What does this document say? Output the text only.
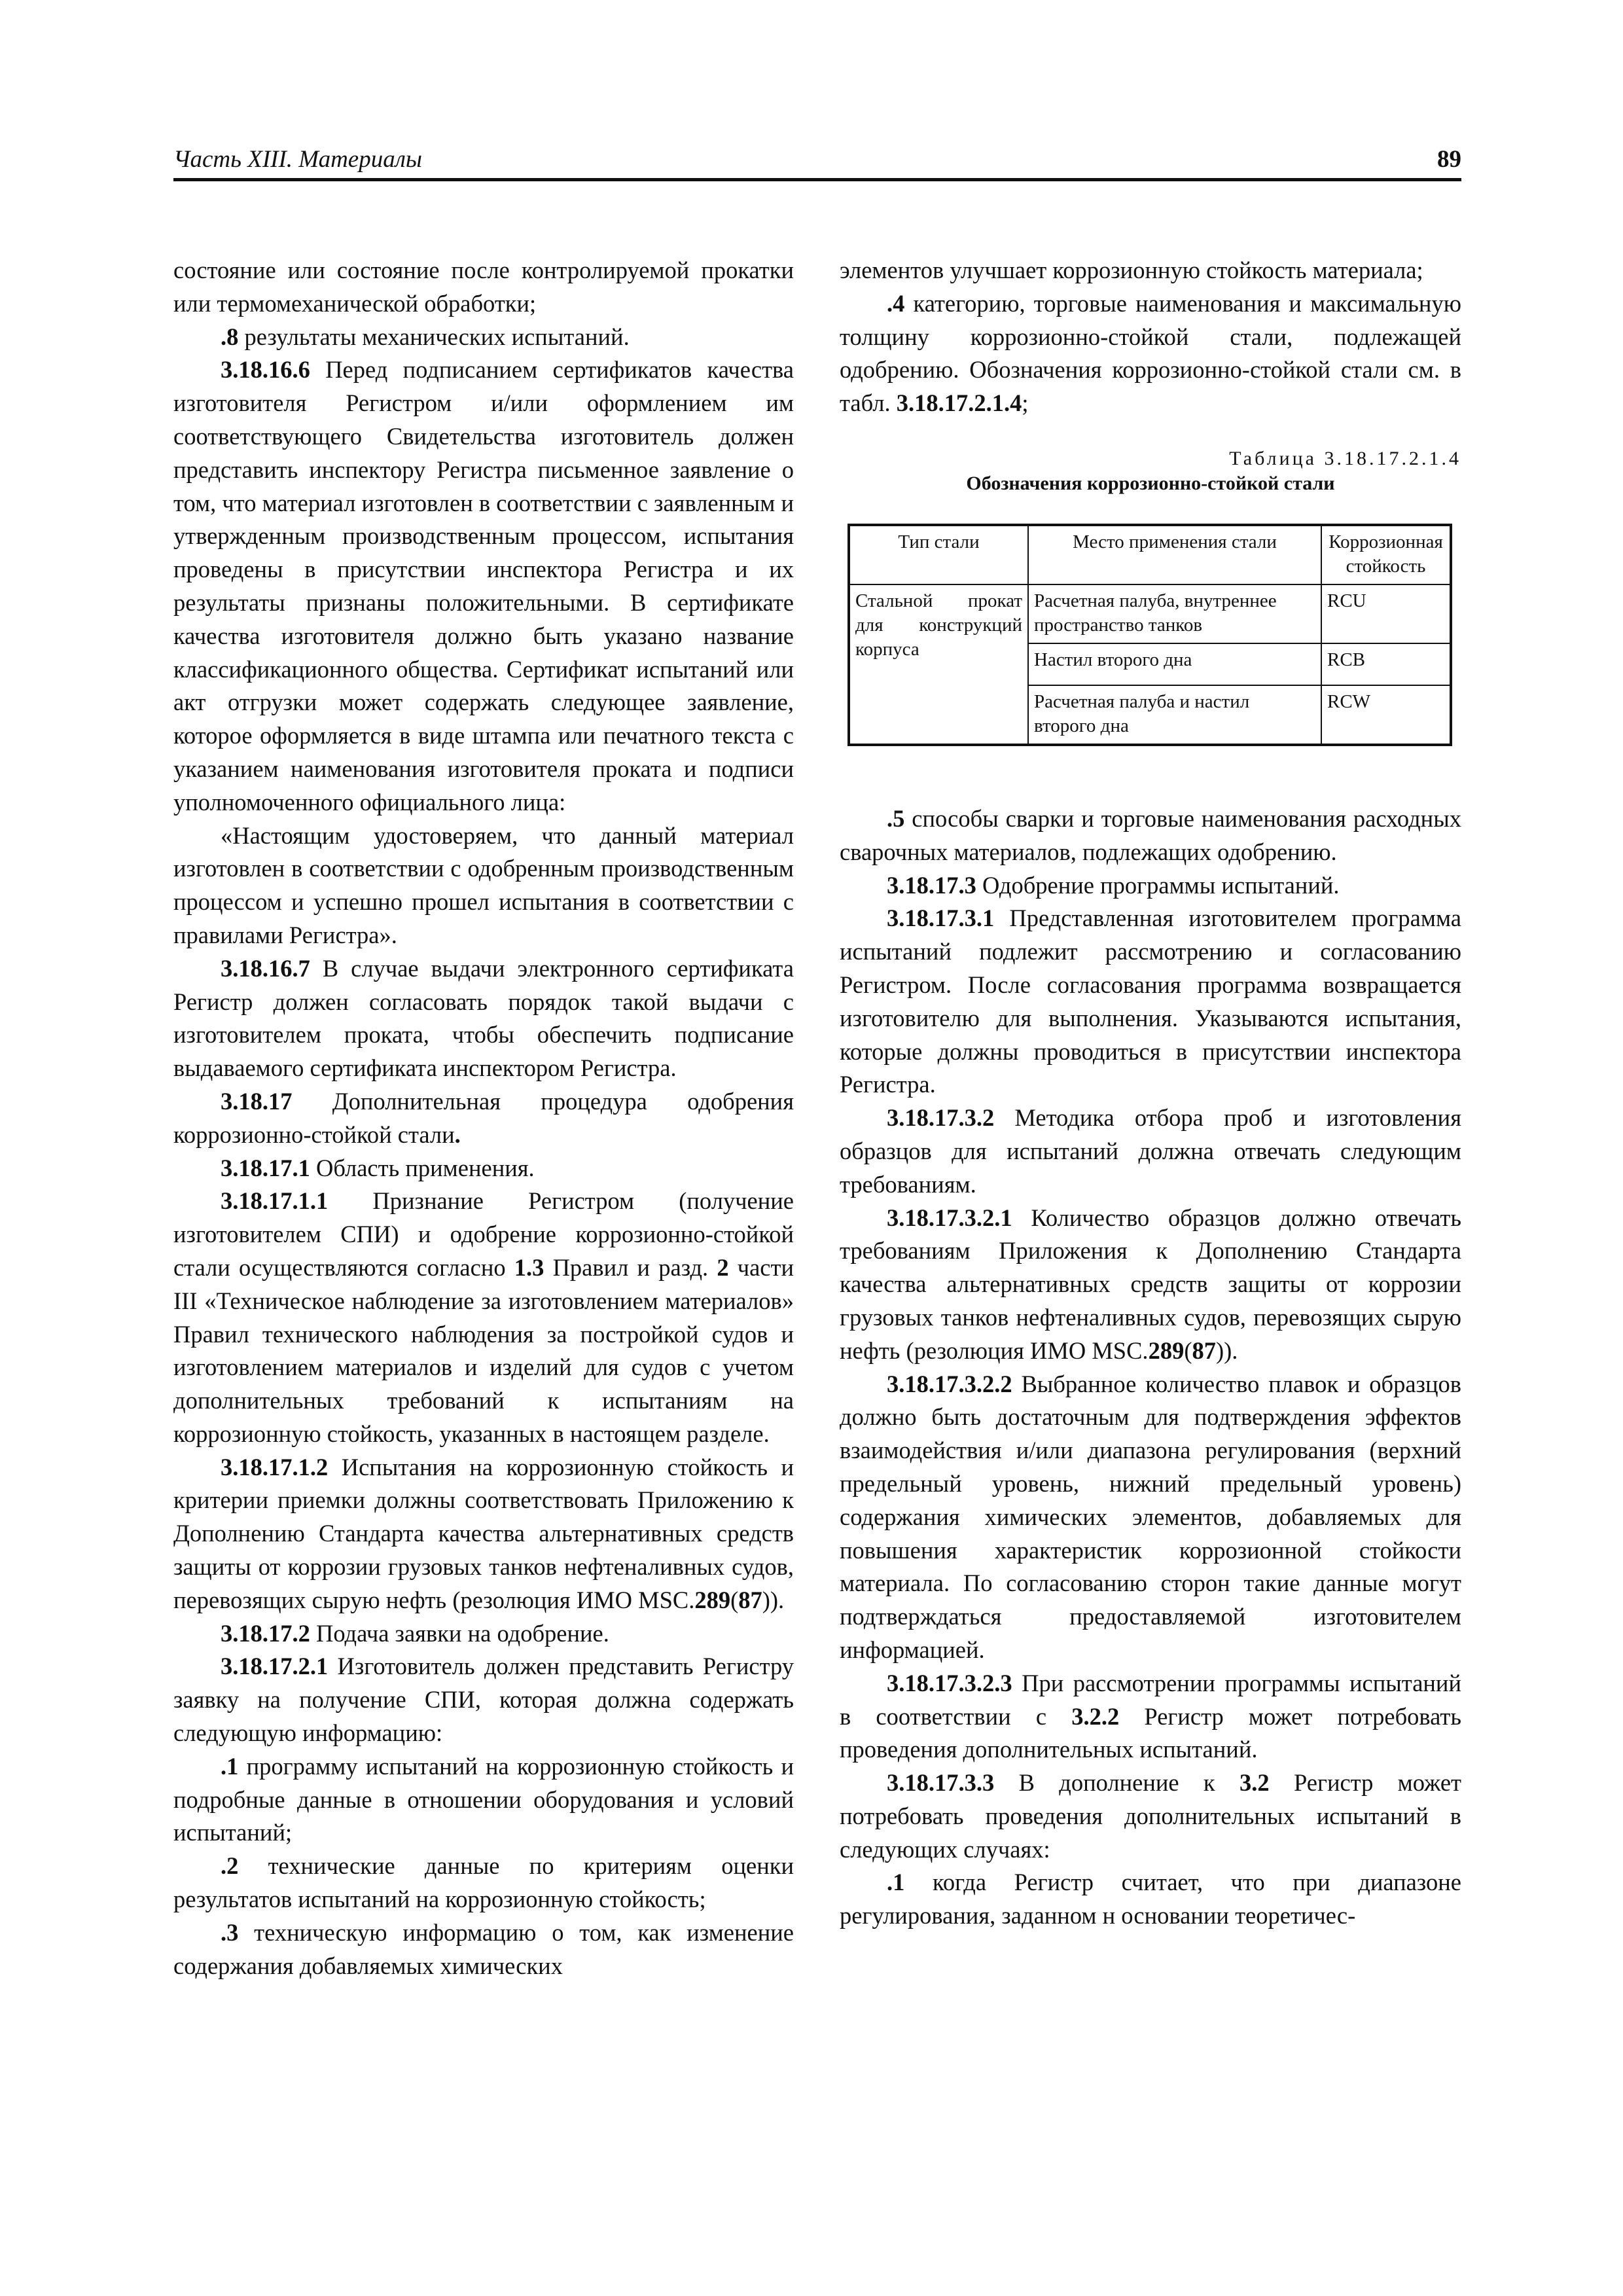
Часть XIII. Материалы	89

состояние или состояние после контролируемой прокатки или термомеханической обработки;

.8 результаты механических испытаний.

3.18.16.6 Перед подписанием сертификатов качества изготовителя Регистром и/или оформлением им соответствующего Свидетельства изготовитель должен представить инспектору Регистра письменное заявление о том, что материал изготовлен в соответствии с заявленным и утвержденным производственным процессом, испытания проведены в присутствии инспектора Регистра и их результаты признаны положительными. В сертификате качества изготовителя должно быть указано название классификационного общества. Сертификат испытаний или акт отгрузки может содержать следующее заявление, которое оформляется в виде штампа или печатного текста с указанием наименования изготовителя проката и подписи уполномоченного официального лица:

«Настоящим удостоверяем, что данный материал изготовлен в соответствии с одобренным производственным процессом и успешно прошел испытания в соответствии с правилами Регистра».

3.18.16.7 В случае выдачи электронного сертификата Регистр должен согласовать порядок такой выдачи с изготовителем проката, чтобы обеспечить подписание выдаваемого сертификата инспектором Регистра.

3.18.17 Дополнительная процедура одобрения коррозионно-стойкой стали.

3.18.17.1 Область применения.

3.18.17.1.1 Признание Регистром (получение изготовителем СПИ) и одобрение коррозионно-стойкой стали осуществляются согласно 1.3 Правил и разд. 2 части III «Техническое наблюдение за изготовлением материалов» Правил технического наблюдения за постройкой судов и изготовлением материалов и изделий для судов с учетом дополнительных требований к испытаниям на коррозионную стойкость, указанных в настоящем разделе.

3.18.17.1.2 Испытания на коррозионную стойкость и критерии приемки должны соответствовать Приложению к Дополнению Стандарта качества альтернативных средств защиты от коррозии грузовых танков нефтеналивных судов, перевозящих сырую нефть (резолюция ИМО MSC.289(87)).

3.18.17.2 Подача заявки на одобрение.

3.18.17.2.1 Изготовитель должен представить Регистру заявку на получение СПИ, которая должна содержать следующую информацию:

.1 программу испытаний на коррозионную стойкость и подробные данные в отношении оборудования и условий испытаний;

.2 технические данные по критериям оценки результатов испытаний на коррозионную стойкость;

.3 техническую информацию о том, как изменение содержания добавляемых химических

элементов улучшает коррозионную стойкость материала;

.4 категорию, торговые наименования и максимальную толщину коррозионно-стойкой стали, подлежащей одобрению. Обозначения коррозионно-стойкой стали см. в табл. 3.18.17.2.1.4;

Таблица 3.18.17.2.1.4
Обозначения коррозионно-стойкой стали
Тип стали	Место применения стали	Коррозионная стойкость
Стальной прокат для конструкций корпуса	Расчетная палуба, внутреннее пространство танков	RCU
	Настил второго дна	RCB
	Расчетная палуба и настил второго дна	RCW

.5 способы сварки и торговые наименования расходных сварочных материалов, подлежащих одобрению.

3.18.17.3 Одобрение программы испытаний.

3.18.17.3.1 Представленная изготовителем программа испытаний подлежит рассмотрению и согласованию Регистром. После согласования программа возвращается изготовителю для выполнения. Указываются испытания, которые должны проводиться в присутствии инспектора Регистра.

3.18.17.3.2 Методика отбора проб и изготовления образцов для испытаний должна отвечать следующим требованиям.

3.18.17.3.2.1 Количество образцов должно отвечать требованиям Приложения к Дополнению Стандарта качества альтернативных средств защиты от коррозии грузовых танков нефтеналивных судов, перевозящих сырую нефть (резолюция ИМО MSC.289(87)).

3.18.17.3.2.2 Выбранное количество плавок и образцов должно быть достаточным для подтверждения эффектов взаимодействия и/или диапазона регулирования (верхний предельный уровень, нижний предельный уровень) содержания химических элементов, добавляемых для повышения характеристик коррозионной стойкости материала. По согласованию сторон такие данные могут подтверждаться предоставляемой изготовителем информацией.

3.18.17.3.2.3 При рассмотрении программы испытаний в соответствии с 3.2.2 Регистр может потребовать проведения дополнительных испытаний.

3.18.17.3.3 В дополнение к 3.2 Регистр может потребовать проведения дополнительных испытаний в следующих случаях:

.1 когда Регистр считает, что при диапазоне регулирования, заданном н основании теоретичес-
